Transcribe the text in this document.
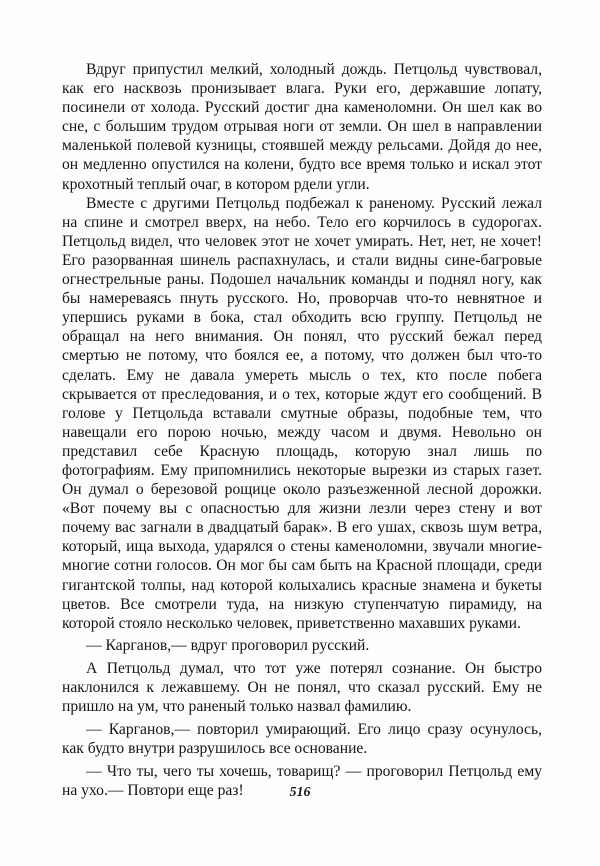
Вдруг припустил мелкий, холодный дождь. Петцольд чувствовал, как его насквозь пронизывает влага. Руки его, державшие лопату, посинели от холода. Русский достиг дна каменоломни. Он шел как во сне, с большим трудом отрывая ноги от земли. Он шел в направлении маленькой полевой кузницы, стоявшей между рельсами. Дойдя до нее, он медленно опустился на колени, будто все время только и искал этот крохотный теплый очаг, в котором рдели угли.

Вместе с другими Петцольд подбежал к раненому. Русский лежал на спине и смотрел вверх, на небо. Тело его корчилось в судорогах. Петцольд видел, что человек этот не хочет умирать. Нет, нет, не хочет! Его разорванная шинель распахнулась, и стали видны сине-багровые огнестрельные раны. Подошел начальник команды и поднял ногу, как бы намереваясь пнуть русского. Но, проворчав что-то невнятное и упершись руками в бока, стал обходить всю группу. Петцольд не обращал на него внимания. Он понял, что русский бежал перед смертью не потому, что боялся ее, а потому, что должен был что-то сделать. Ему не давала умереть мысль о тех, кто после побега скрывается от преследования, и о тех, которые ждут его сообщений. В голове у Петцольда вставали смутные образы, подобные тем, что навещали его порою ночью, между часом и двумя. Невольно он представил себе Красную площадь, которую знал лишь по фотографиям. Ему припомнились некоторые вырезки из старых газет. Он думал о березовой рощице около разъезженной лесной дорожки. «Вот почему вы с опасностью для жизни лезли через стену и вот почему вас загнали в двадцатый барак». В его ушах, сквозь шум ветра, который, ища выхода, ударялся о стены каменоломни, звучали многие-многие сотни голосов. Он мог бы сам быть на Красной площади, среди гигантской толпы, над которой колыхались красные знамена и букеты цветов. Все смотрели туда, на низкую ступенчатую пирамиду, на которой стояло несколько человек, приветственно махавших руками.

— Карганов,— вдруг проговорил русский.

А Петцольд думал, что тот уже потерял сознание. Он быстро наклонился к лежавшему. Он не понял, что сказал русский. Ему не пришло на ум, что раненый только назвал фамилию.

— Карганов,— повторил умирающий. Его лицо сразу осунулось, как будто внутри разрушилось все основание.

— Что ты, чего ты хочешь, товарищ? — проговорил Петцольд ему на ухо.— Повтори еще раз!	516
